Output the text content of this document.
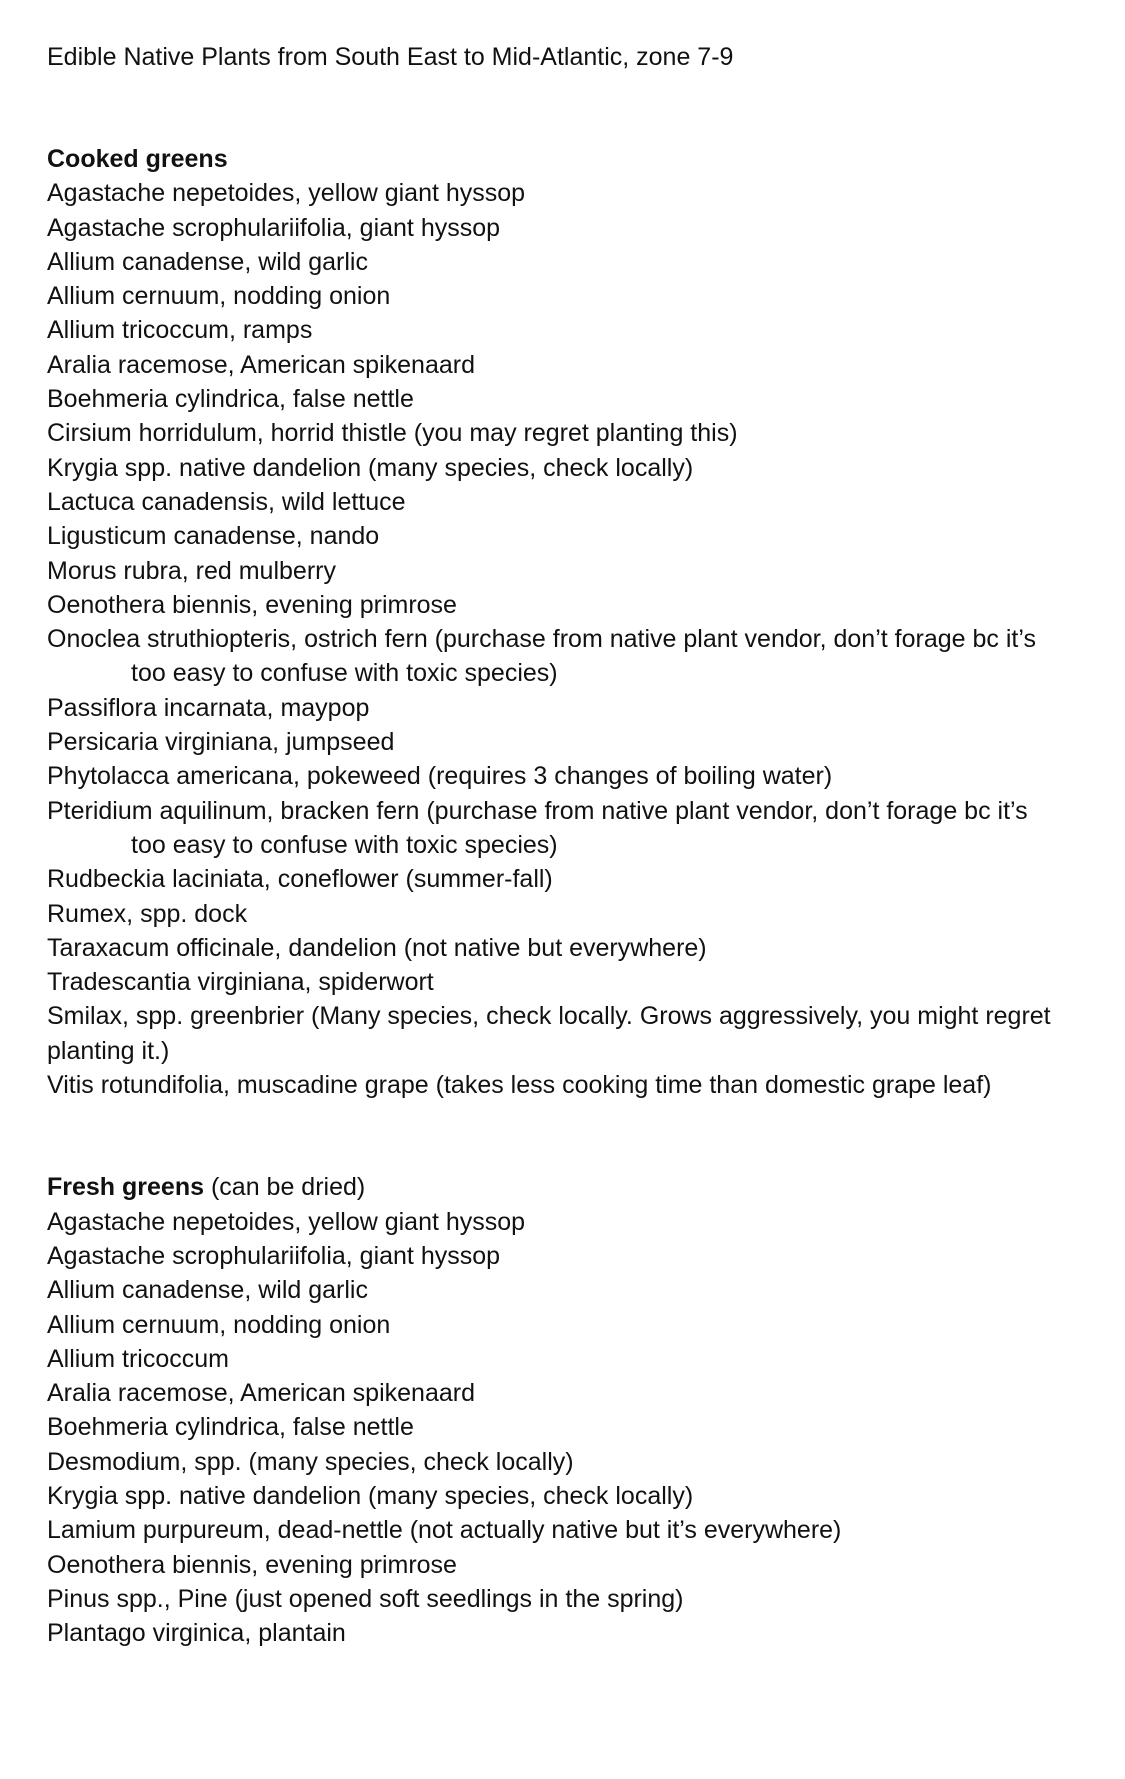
Edible Native Plants from South East to Mid-Atlantic, zone 7-9

Cooked greens

Agastache nepetoides, yellow giant hyssop
Agastache scrophulariifolia, giant hyssop
Allium canadense, wild garlic
Allium cernuum, nodding onion
Allium tricoccum, ramps
Aralia racemose, American spikenaard
Boehmeria cylindrica, false nettle
Cirsium horridulum, horrid thistle (you may regret planting this)
Krygia spp. native dandelion (many species, check locally)
Lactuca canadensis, wild lettuce
Ligusticum canadense, nando
Morus rubra, red mulberry
Oenothera biennis, evening primrose
Onoclea struthiopteris, ostrich fern (purchase from native plant vendor, don’t forage bc it’s
too easy to confuse with toxic species)
Passiflora incarnata, maypop
Persicaria virginiana, jumpseed
Phytolacca americana, pokeweed (requires 3 changes of boiling water)
Pteridium aquilinum, bracken fern (purchase from native plant vendor, don’t forage bc it’s
too easy to confuse with toxic species)
Rudbeckia laciniata, coneflower (summer-fall)
Rumex, spp. dock
Taraxacum officinale, dandelion (not native but everywhere)
Tradescantia virginiana, spiderwort
Smilax, spp. greenbrier (Many species, check locally. Grows aggressively, you might regret
planting it.)
Vitis rotundifolia, muscadine grape (takes less cooking time than domestic grape leaf)

Fresh greens (can be dried)

Agastache nepetoides, yellow giant hyssop
Agastache scrophulariifolia, giant hyssop
Allium canadense, wild garlic
Allium cernuum, nodding onion
Allium tricoccum
Aralia racemose, American spikenaard
Boehmeria cylindrica, false nettle
Desmodium, spp. (many species, check locally)
Krygia spp. native dandelion (many species, check locally)
Lamium purpureum, dead-nettle (not actually native but it’s everywhere)
Oenothera biennis, evening primrose
Pinus spp., Pine (just opened soft seedlings in the spring)
Plantago virginica, plantain
